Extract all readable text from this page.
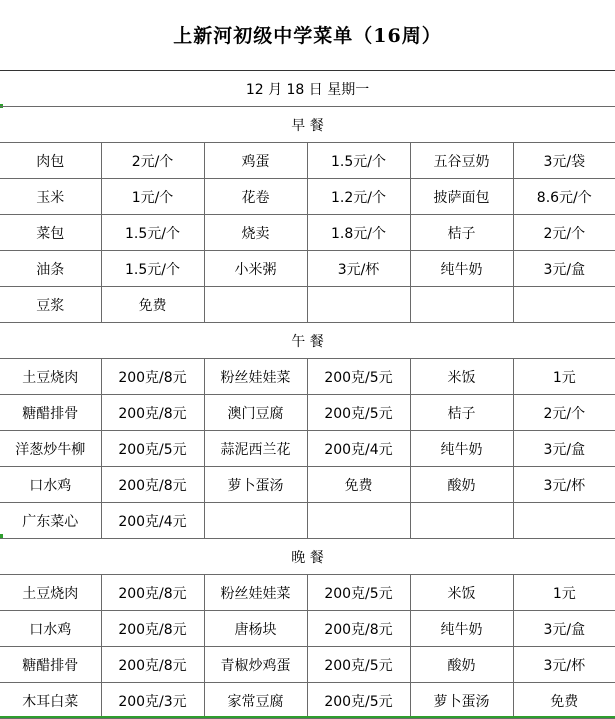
上新河初级中学菜单（16周）
12 月 18 日 星期一					
早 餐					
肉包	2元/个	鸡蛋	1.5元/个	五谷豆奶	3元/袋
玉米	1元/个	花卷	1.2元/个	披萨面包	8.6元/个
菜包	1.5元/个	烧卖	1.8元/个	桔子	2元/个
油条	1.5元/个	小米粥	3元/杯	纯牛奶	3元/盒
豆浆	免费				
午 餐					
土豆烧肉	200克/8元	粉丝娃娃菜	200克/5元	米饭	1元
糖醋排骨	200克/8元	澳门豆腐	200克/5元	桔子	2元/个
洋葱炒牛柳	200克/5元	蒜泥西兰花	200克/4元	纯牛奶	3元/盒
口水鸡	200克/8元	萝卜蛋汤	免费	酸奶	3元/杯
广东菜心	200克/4元				
晚 餐					
土豆烧肉	200克/8元	粉丝娃娃菜	200克/5元	米饭	1元
口水鸡	200克/8元	唐杨块	200克/8元	纯牛奶	3元/盒
糖醋排骨	200克/8元	青椒炒鸡蛋	200克/5元	酸奶	3元/杯
木耳白菜	200克/3元	家常豆腐	200克/5元	萝卜蛋汤	免费
